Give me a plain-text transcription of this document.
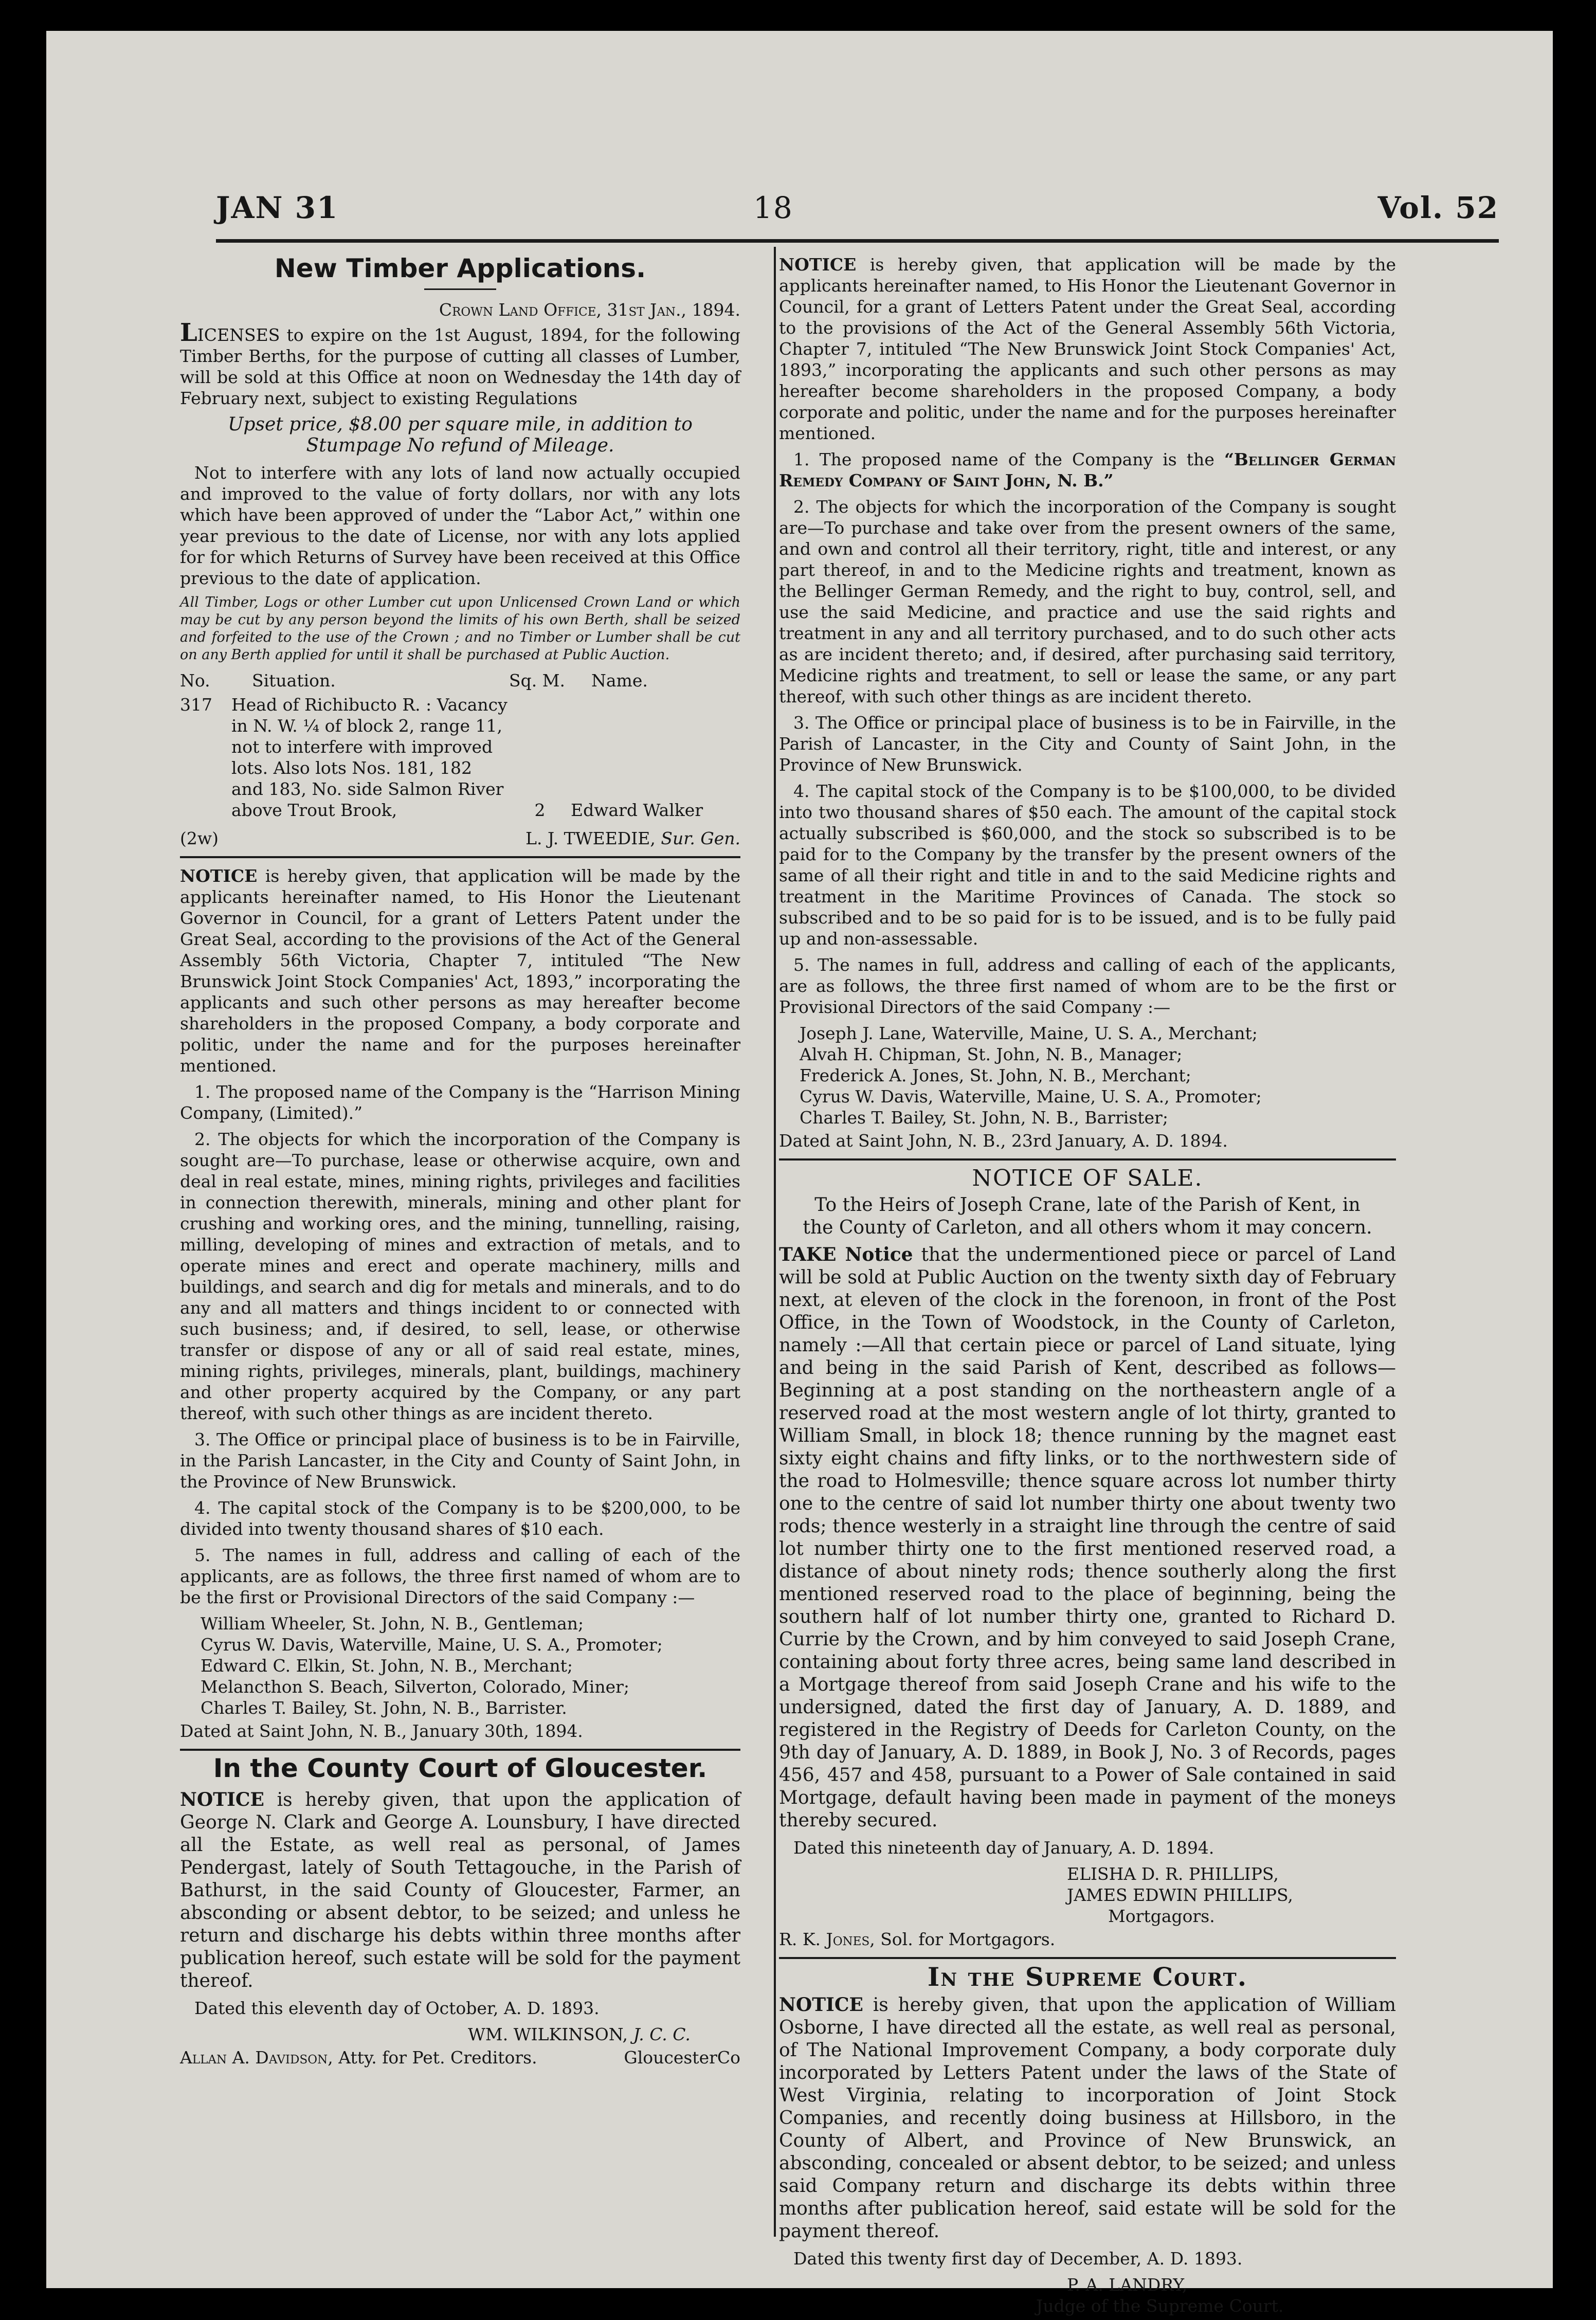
JAN 31	18	Vol. 52
New Timber Applications.
Crown Land Office, 31st Jan., 1894.

LICENSES to expire on the 1st August, 1894, for the following Timber Berths, for the purpose of cutting all classes of Lumber, will be sold at this Office at noon on Wednesday the 14th day of February next, subject to existing Regulations

Upset price, $8.00 per square mile, in addition to Stumpage No refund of Mileage.

Not to interfere with any lots of land now actually occupied and improved to the value of forty dollars, nor with any lots which have been approved of under the “Labor Act,” within one year previous to the date of License, nor with any lots applied for for which Returns of Survey have been received at this Office previous to the date of application.

All Timber, Logs or other Lumber cut upon Unlicensed Crown Land or which may be cut by any person beyond the limits of his own Berth, shall be seized and forfeited to the use of the Crown ; and no Timber or Lumber shall be cut on any Berth applied for until it shall be purchased at Public Auction.

No.	Situation.	Sq. M.	Name.
317	Head of Richibucto R. : Vacancy in N. W. ¼ of block 2, range 11, not to interfere with improved lots. Also lots Nos. 181, 182 and 183, No. side Salmon River above Trout Brook,	2	Edward Walker
(2w)	L. J. TWEEDIE, Sur. Gen.

NOTICE is hereby given, that application will be made by the applicants hereinafter named, to His Honor the Lieutenant Governor in Council, for a grant of Letters Patent under the Great Seal, according to the provisions of the Act of the General Assembly 56th Victoria, Chapter 7, intituled “The New Brunswick Joint Stock Companies' Act, 1893,” incorporating the applicants and such other persons as may hereafter become shareholders in the proposed Company, a body corporate and politic, under the name and for the purposes hereinafter mentioned.

1. The proposed name of the Company is the “Harrison Mining Company, (Limited).”

2. The objects for which the incorporation of the Company is sought are—To purchase, lease or otherwise acquire, own and deal in real estate, mines, mining rights, privileges and facilities in connection therewith, minerals, mining and other plant for crushing and working ores, and the mining, tunnelling, raising, milling, developing of mines and extraction of metals, and to operate mines and erect and operate machinery, mills and buildings, and search and dig for metals and minerals, and to do any and all matters and things incident to or connected with such business; and, if desired, to sell, lease, or otherwise transfer or dispose of any or all of said real estate, mines, mining rights, privileges, minerals, plant, buildings, machinery and other property acquired by the Company, or any part thereof, with such other things as are incident thereto.

3. The Office or principal place of business is to be in Fairville, in the Parish Lancaster, in the City and County of Saint John, in the Province of New Brunswick.

4. The capital stock of the Company is to be $200,000, to be divided into twenty thousand shares of $10 each.

5. The names in full, address and calling of each of the applicants, are as follows, the three first named of whom are to be the first or Provisional Directors of the said Company :—

William Wheeler, St. John, N. B., Gentleman;

Cyrus W. Davis, Waterville, Maine, U. S. A., Promoter;

Edward C. Elkin, St. John, N. B., Merchant;

Melancthon S. Beach, Silverton, Colorado, Miner;

Charles T. Bailey, St. John, N. B., Barrister.

Dated at Saint John, N. B., January 30th, 1894.

In the County Court of Gloucester.

NOTICE is hereby given, that upon the application of George N. Clark and George A. Lounsbury, I have directed all the Estate, as well real as personal, of James Pendergast, lately of South Tettagouche, in the Parish of Bathurst, in the said County of Gloucester, Farmer, an absconding or absent debtor, to be seized; and unless he return and discharge his debts within three months after publication hereof, such estate will be sold for the payment thereof.

Dated this eleventh day of October, A. D. 1893.

WM. WILKINSON, J. C. C.

Allan A. Davidson, Atty. for Pet. Creditors.	GloucesterCo

NOTICE is hereby given, that application will be made by the applicants hereinafter named, to His Honor the Lieutenant Governor in Council, for a grant of Letters Patent under the Great Seal, according to the provisions of the Act of the General Assembly 56th Victoria, Chapter 7, intituled “The New Brunswick Joint Stock Companies' Act, 1893,” incorporating the applicants and such other persons as may hereafter become shareholders in the proposed Company, a body corporate and politic, under the name and for the purposes hereinafter mentioned.

1. The proposed name of the Company is the “Bellinger German Remedy Company of Saint John, N. B.”

2. The objects for which the incorporation of the Company is sought are—To purchase and take over from the present owners of the same, and own and control all their territory, right, title and interest, or any part thereof, in and to the Medicine rights and treatment, known as the Bellinger German Remedy, and the right to buy, control, sell, and use the said Medicine, and practice and use the said rights and treatment in any and all territory purchased, and to do such other acts as are incident thereto; and, if desired, after purchasing said territory, Medicine rights and treatment, to sell or lease the same, or any part thereof, with such other things as are incident thereto.

3. The Office or principal place of business is to be in Fairville, in the Parish of Lancaster, in the City and County of Saint John, in the Province of New Brunswick.

4. The capital stock of the Company is to be $100,000, to be divided into two thousand shares of $50 each. The amount of the capital stock actually subscribed is $60,000, and the stock so subscribed is to be paid for to the Company by the transfer by the present owners of the same of all their right and title in and to the said Medicine rights and treatment in the Maritime Provinces of Canada. The stock so subscribed and to be so paid for is to be issued, and is to be fully paid up and non-assessable.

5. The names in full, address and calling of each of the applicants, are as follows, the three first named of whom are to be the first or Provisional Directors of the said Company :—

Joseph J. Lane, Waterville, Maine, U. S. A., Merchant;

Alvah H. Chipman, St. John, N. B., Manager;

Frederick A. Jones, St. John, N. B., Merchant;

Cyrus W. Davis, Waterville, Maine, U. S. A., Promoter;

Charles T. Bailey, St. John, N. B., Barrister;

Dated at Saint John, N. B., 23rd January, A. D. 1894.

NOTICE OF SALE.

To the Heirs of Joseph Crane, late of the Parish of Kent, in the County of Carleton, and all others whom it may concern.

TAKE Notice that the undermentioned piece or parcel of Land will be sold at Public Auction on the twenty sixth day of February next, at eleven of the clock in the forenoon, in front of the Post Office, in the Town of Woodstock, in the County of Carleton, namely :—All that certain piece or parcel of Land situate, lying and being in the said Parish of Kent, described as follows—Beginning at a post standing on the northeastern angle of a reserved road at the most western angle of lot thirty, granted to William Small, in block 18; thence running by the magnet east sixty eight chains and fifty links, or to the northwestern side of the road to Holmesville; thence square across lot number thirty one to the centre of said lot number thirty one about twenty two rods; thence westerly in a straight line through the centre of said lot number thirty one to the first mentioned reserved road, a distance of about ninety rods; thence southerly along the first mentioned reserved road to the place of beginning, being the southern half of lot number thirty one, granted to Richard D. Currie by the Crown, and by him conveyed to said Joseph Crane, containing about forty three acres, being same land described in a Mortgage thereof from said Joseph Crane and his wife to the undersigned, dated the first day of January, A. D. 1889, and registered in the Registry of Deeds for Carleton County, on the 9th day of January, A. D. 1889, in Book J, No. 3 of Records, pages 456, 457 and 458, pursuant to a Power of Sale contained in said Mortgage, default having been made in payment of the moneys thereby secured.

Dated this nineteenth day of January, A. D. 1894.

ELISHA D. R. PHILLIPS,

JAMES EDWIN PHILLIPS,

Mortgagors.

R. K. Jones, Sol. for Mortgagors.

In the Supreme Court.

NOTICE is hereby given, that upon the application of William Osborne, I have directed all the estate, as well real as personal, of The National Improvement Company, a body corporate duly incorporated by Letters Patent under the laws of the State of West Virginia, relating to incorporation of Joint Stock Companies, and recently doing business at Hillsboro, in the County of Albert, and Province of New Brunswick, an absconding, concealed or absent debtor, to be seized; and unless said Company return and discharge its debts within three months after publication hereof, said estate will be sold for the payment thereof.

Dated this twenty first day of December, A. D. 1893.

P. A. LANDRY,

Judge of the Supreme Court.
